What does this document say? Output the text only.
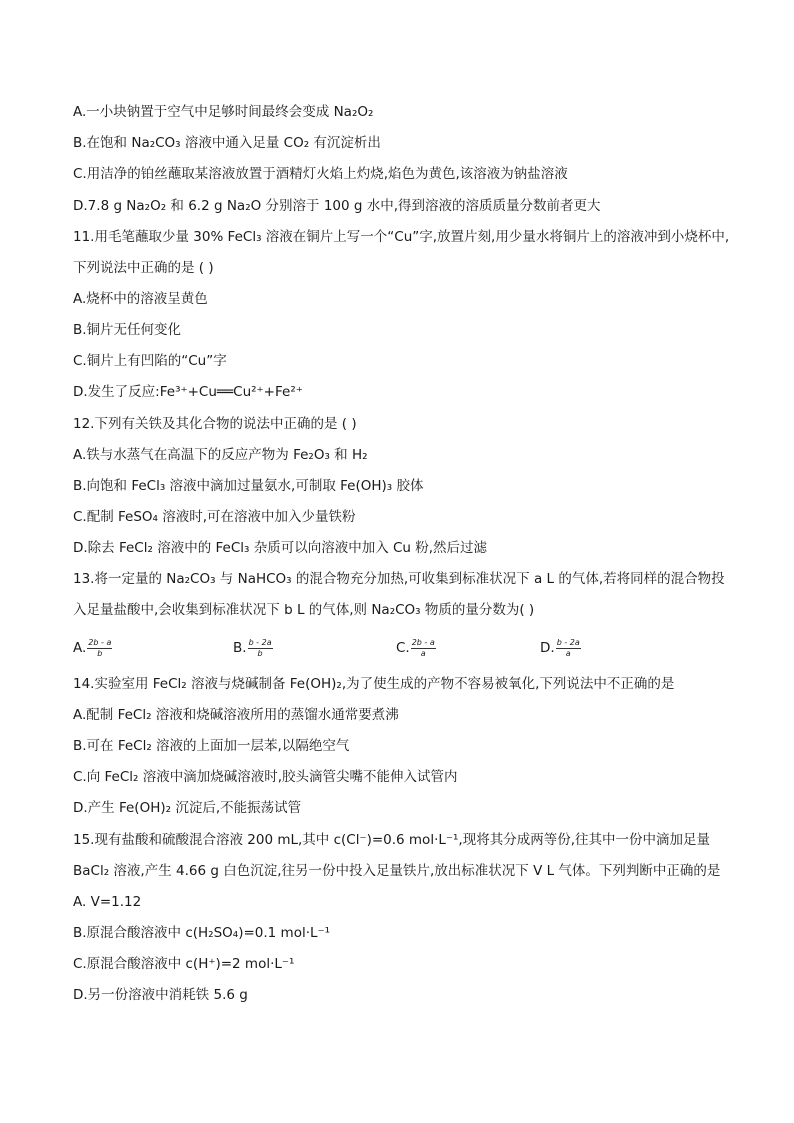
A.一小块钠置于空气中足够时间最终会变成 Na₂O₂
B.在饱和 Na₂CO₃ 溶液中通入足量 CO₂ 有沉淀析出
C.用洁净的铂丝蘸取某溶液放置于酒精灯火焰上灼烧,焰色为黄色,该溶液为钠盐溶液
D.7.8 g Na₂O₂ 和 6.2 g Na₂O 分别溶于 100 g 水中,得到溶液的溶质质量分数前者更大
11.用毛笔蘸取少量 30% FeCl₃ 溶液在铜片上写一个“Cu”字,放置片刻,用少量水将铜片上的溶液冲到小烧杯中,
下列说法中正确的是 ( )
A.烧杯中的溶液呈黄色
B.铜片无任何变化
C.铜片上有凹陷的“Cu”字
D.发生了反应:Fe³⁺+Cu══Cu²⁺+Fe²⁺
12.下列有关铁及其化合物的说法中正确的是 ( )
A.铁与水蒸气在高温下的反应产物为 Fe₂O₃ 和 H₂
B.向饱和 FeCl₃ 溶液中滴加过量氨水,可制取 Fe(OH)₃ 胶体
C.配制 FeSO₄ 溶液时,可在溶液中加入少量铁粉
D.除去 FeCl₂ 溶液中的 FeCl₃ 杂质可以向溶液中加入 Cu 粉,然后过滤
13.将一定量的 Na₂CO₃ 与 NaHCO₃ 的混合物充分加热,可收集到标准状况下 a L 的气体,若将同样的混合物投
入足量盐酸中,会收集到标准状况下 b L 的气体,则 Na₂CO₃ 物质的量分数为( )
A. $\frac{2b - a}{b}$	B. $\frac{b - 2a}{b}$	C. $\frac{2b - a}{a}$	D. $\frac{b - 2a}{a}$
14.实验室用 FeCl₂ 溶液与烧碱制备 Fe(OH)₂,为了使生成的产物不容易被氧化,下列说法中不正确的是
A.配制 FeCl₂ 溶液和烧碱溶液所用的蒸馏水通常要煮沸
B.可在 FeCl₂ 溶液的上面加一层苯,以隔绝空气
C.向 FeCl₂ 溶液中滴加烧碱溶液时,胶头滴管尖嘴不能伸入试管内
D.产生 Fe(OH)₂ 沉淀后,不能振荡试管
15.现有盐酸和硫酸混合溶液 200 mL,其中 c(Cl⁻)=0.6 mol·L⁻¹,现将其分成两等份,往其中一份中滴加足量
BaCl₂ 溶液,产生 4.66 g 白色沉淀,往另一份中投入足量铁片,放出标准状况下 V L 气体。下列判断中正确的是
A. V=1.12
B.原混合酸溶液中 c(H₂SO₄)=0.1 mol·L⁻¹
C.原混合酸溶液中 c(H⁺)=2 mol·L⁻¹
D.另一份溶液中消耗铁 5.6 g
